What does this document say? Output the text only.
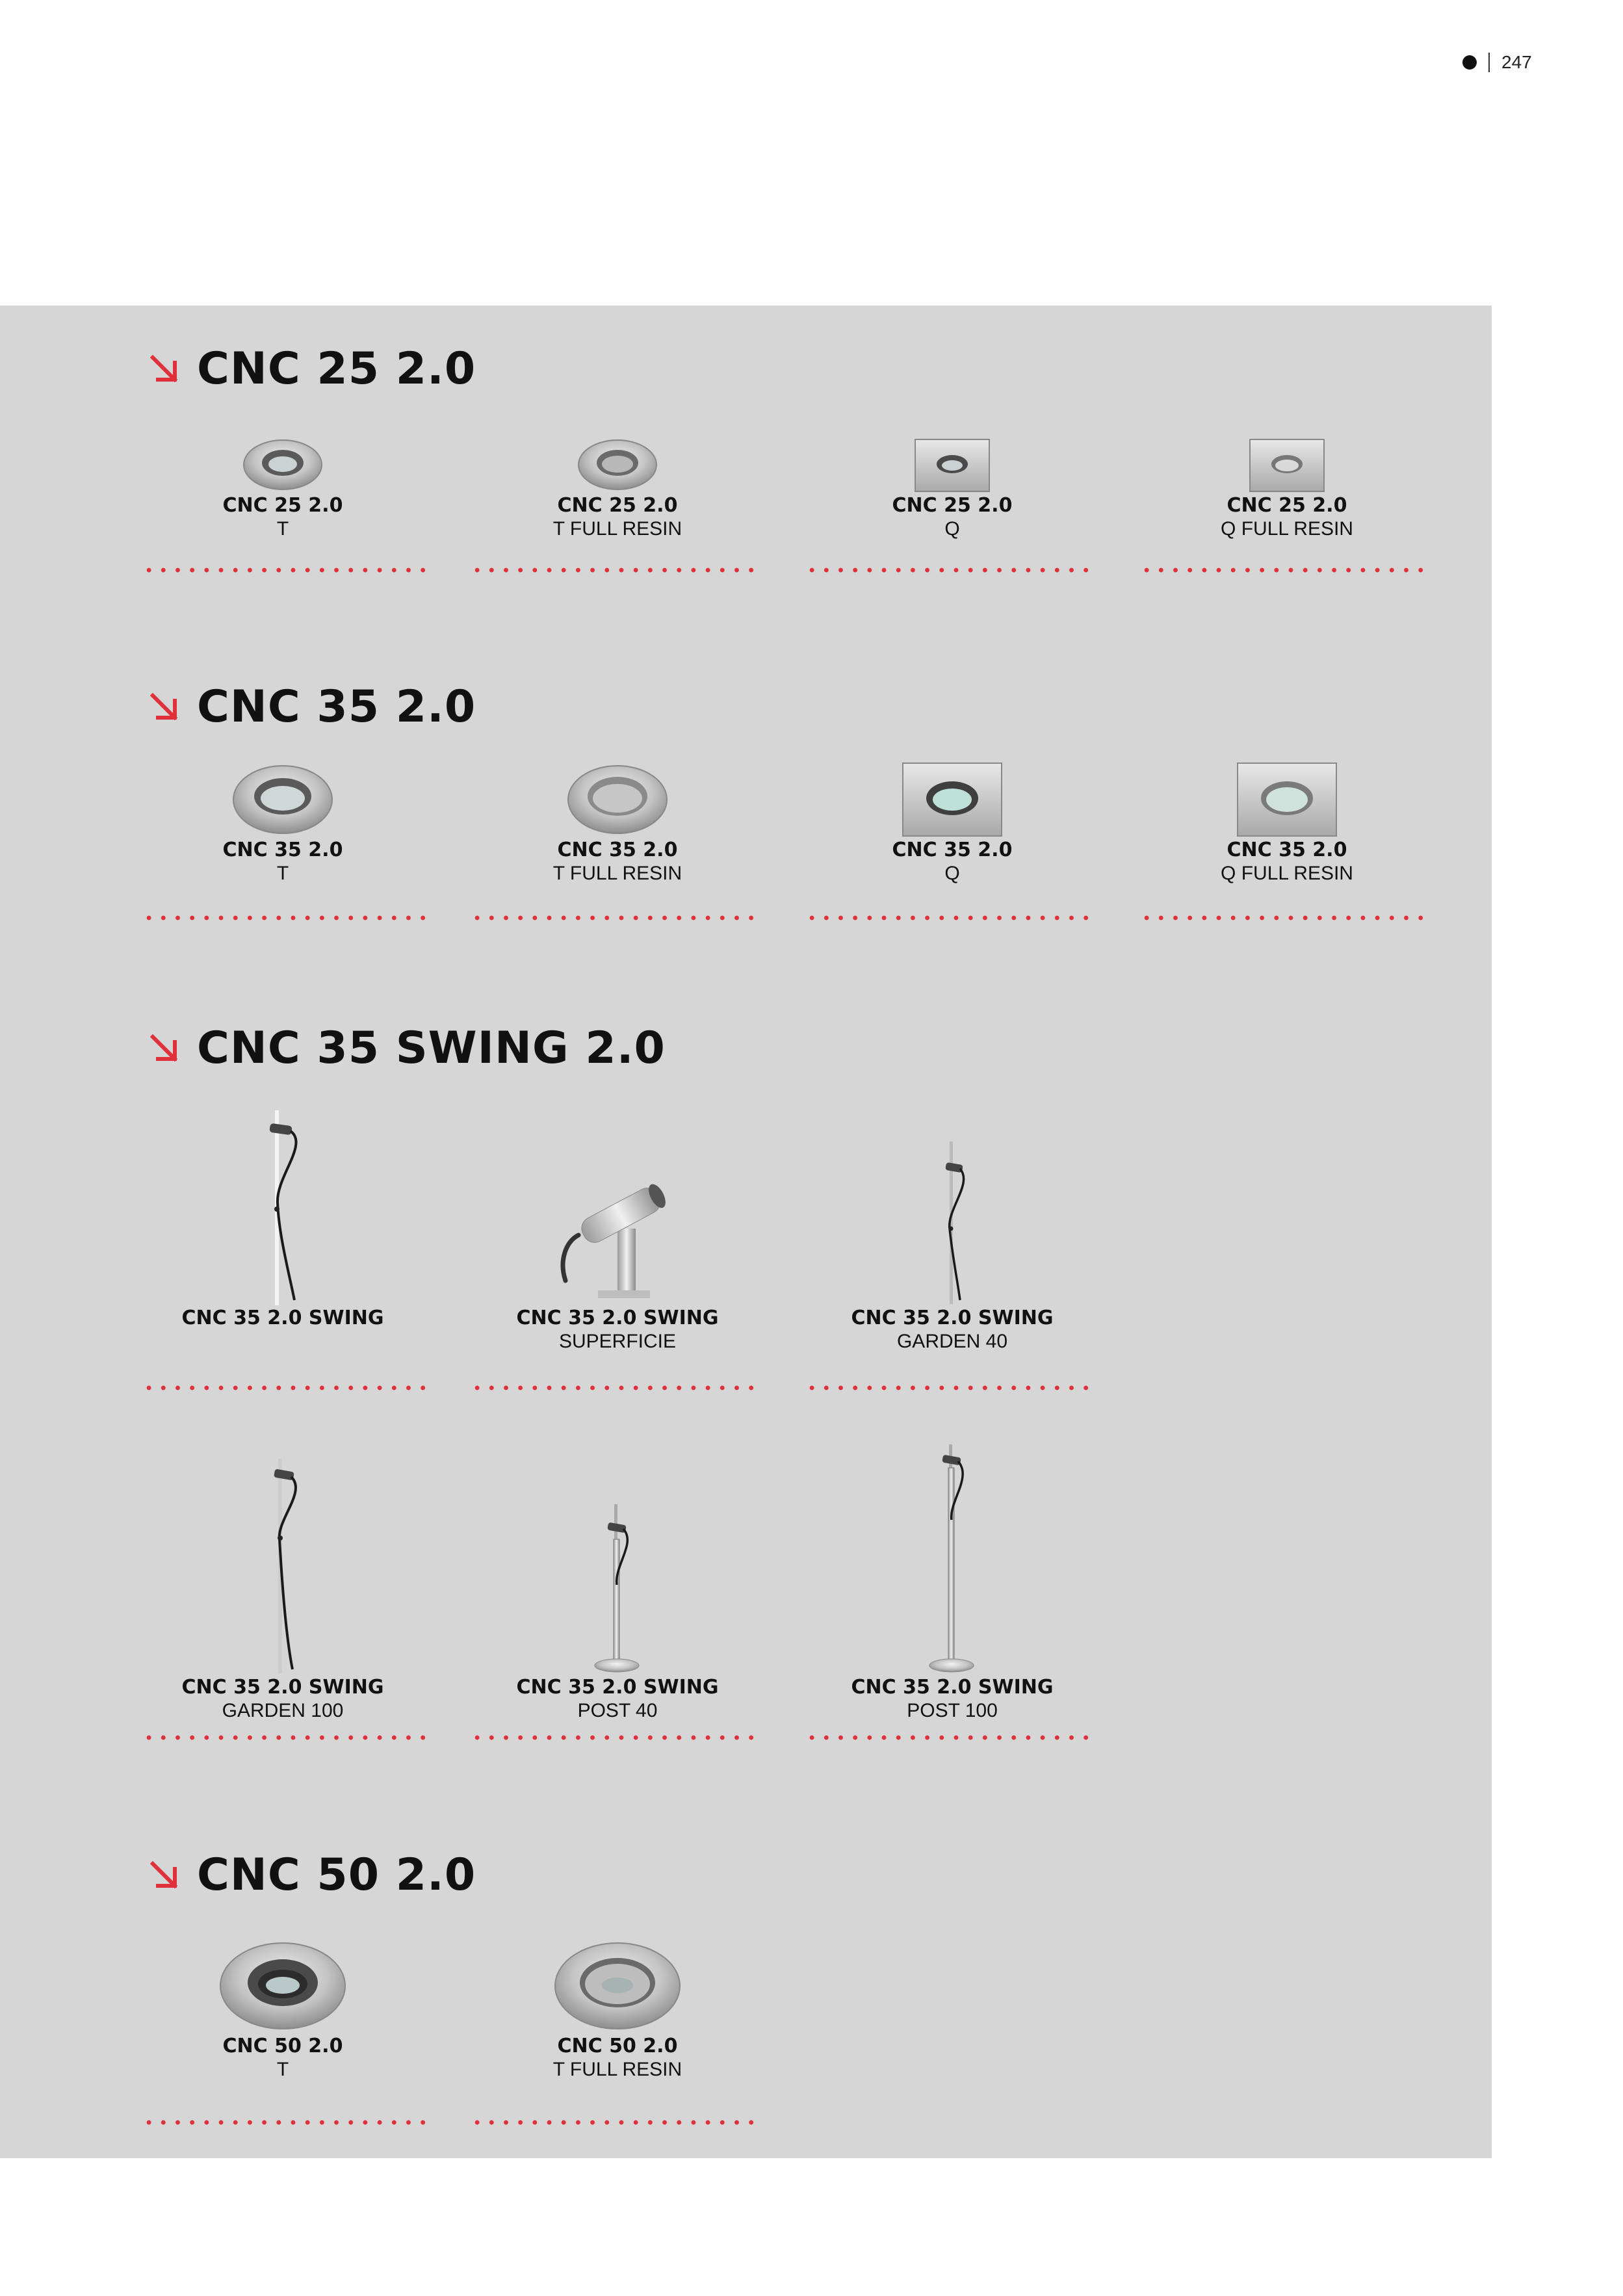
247
CNC 25 2.0
CNC 25 2.0
T
CNC 25 2.0
T FULL RESIN
CNC 25 2.0
Q
CNC 25 2.0
Q FULL RESIN
CNC 35 2.0
CNC 35 2.0
T
CNC 35 2.0
T FULL RESIN
CNC 35 2.0
Q
CNC 35 2.0
Q FULL RESIN
CNC 35 SWING 2.0
CNC 35 2.0 SWING	CNC 35 2.0 SWING
SUPERFICIE
CNC 35 2.0 SWING
GARDEN 40
CNC 35 2.0 SWING
GARDEN 100
CNC 35 2.0 SWING
POST 40
CNC 35 2.0 SWING
POST 100
CNC 50 2.0
CNC 50 2.0
T
CNC 50 2.0
T FULL RESIN
